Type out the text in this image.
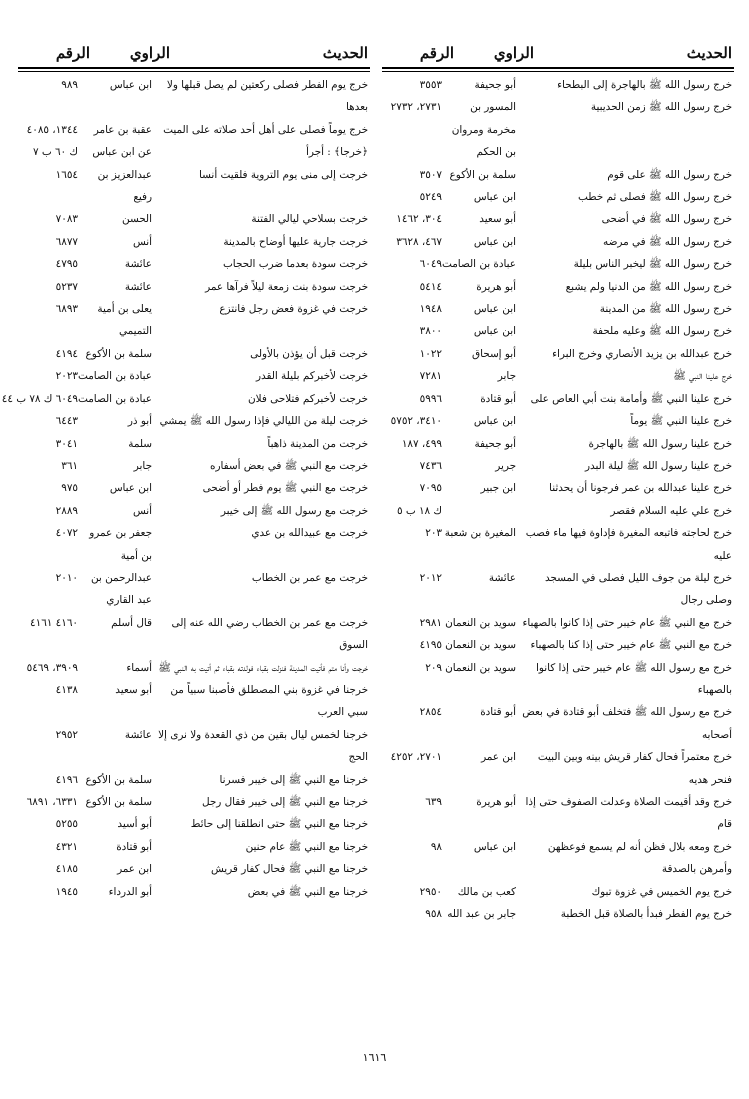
الحديث
الراوي
الرقم
خرج رسول الله ﷺ بالهاجرة إلى البطحاء
أبو جحيفة
٣٥٥٣
خرج رسول الله ﷺ زمن الحديبية
المسور بن مخرمة ومروان بن الحكم
٢٧٣١، ٢٧٣٢
خرج رسول الله ﷺ على قوم
سلمة بن الأكوع
٣٥٠٧
خرج رسول الله ﷺ فصلى ثم خطب
ابن عباس
٥٢٤٩
خرج رسول الله ﷺ في أضحى
أبو سعيد
٣٠٤، ١٤٦٢
خرج رسول الله ﷺ في مرضه
ابن عباس
٤٦٧، ٣٦٢٨
خرج رسول الله ﷺ ليخبر الناس بليلة
عبادة بن الصامت
٦٠٤٩
خرج رسول الله ﷺ من الدنيا ولم يشبع
أبو هريرة
٥٤١٤
خرج رسول الله ﷺ من المدينة
ابن عباس
١٩٤٨
خرج رسول الله ﷺ وعليه ملحفة
ابن عباس
٣٨٠٠
خرج عبدالله بن يزيد الأنصاري وخرج البراء
أبو إسحاق
١٠٢٢
خرج علينا النبي ﷺ
جابر
٧٢٨١
خرج علينا النبي ﷺ وأمامة بنت أبي العاص على
أبو قتادة
٥٩٩٦
خرج علينا النبي ﷺ يوماً
ابن عباس
٣٤١٠، ٥٧٥٢
خرج علينا رسول الله ﷺ بالهاجرة
أبو جحيفة
٤٩٩، ١٨٧
خرج علينا رسول الله ﷺ ليلة البدر
جرير
٧٤٣٦
خرج علينا عبدالله بن عمر فرجونا أن يحدثنا
ابن جبير
٧٠٩٥
خرج علي عليه السلام فقصر
ك ١٨ ب ٥
خرج لحاجته فاتبعه المغيرة فإداوة فيها ماء فصب عليه
المغيرة بن شعبة
٢٠٣
خرج ليلة من جوف الليل فصلى في المسجد وصلى رجال
عائشة
٢٠١٢
خرج مع النبي ﷺ عام خيبر حتى إذا كانوا بالصهباء
سويد بن النعمان
٢٩٨١
خرج مع النبي ﷺ عام خيبر حتى إذا كنا بالصهباء
سويد بن النعمان
٤١٩٥
خرج مع رسول الله ﷺ عام خيبر حتى إذا كانوا بالصهباء
سويد بن النعمان
٢٠٩
خرج مع رسول الله ﷺ فتخلف أبو قتادة في بعض أصحابه
أبو قتادة
٢٨٥٤
خرج معتمراً فحال كفار قريش بينه وبين البيت فنحر هديه
ابن عمر
٢٧٠١، ٤٢٥٢
خرج وقد أقيمت الصلاة وعدلت الصفوف حتى إذا قام
أبو هريرة
٦٣٩
خرج ومعه بلال فظن أنه لم يسمع فوعظهن وأمرهن بالصدقة
ابن عباس
٩٨
خرج يوم الخميس في غزوة تبوك
كعب بن مالك
٢٩٥٠
خرج يوم الفطر فبدأ بالصلاة قبل الخطبة
جابر بن عبد الله
٩٥٨
الحديث
الراوي
الرقم
خرج يوم الفطر فصلى ركعتين لم يصل قبلها ولا بعدها
ابن عباس
٩٨٩
خرج يوماً فصلى على أهل أحد صلاته على الميت
عقبة بن عامر
١٣٤٤، ٤٠٨٥
﴿خرجا﴾ : أجرأ
عن ابن عباس
ك ٦٠ ب ٧
خرجت إلى منى يوم التروية فلقيت أنسا
عبدالعزيز بن رفيع
١٦٥٤
خرجت بسلاحي ليالي الفتنة
الحسن
٧٠٨٣
خرجت جارية عليها أوضاح بالمدينة
أنس
٦٨٧٧
خرجت سودة بعدما ضرب الحجاب
عائشة
٤٧٩٥
خرجت سودة بنت زمعة ليلاً فرآها عمر
عائشة
٥٢٣٧
خرجت في غزوة فعض رجل فانتزع
يعلى بن أمية التميمي
٦٨٩٣
خرجت قبل أن يؤذن بالأولى
سلمة بن الأكوع
٤١٩٤
خرجت لأخبركم بليلة القدر
عبادة بن الصامت
٢٠٢٣
خرجت لأخبركم فتلاحى فلان
عبادة بن الصامت
٦٠٤٩ ك ٧٨ ب ٤٤
خرجت ليلة من الليالي فإذا رسول الله ﷺ يمشي
أبو ذر
٦٤٤٣
خرجت من المدينة ذاهباً
سلمة
٣٠٤١
خرجت مع النبي ﷺ في بعض أسفاره
جابر
٣٦١
خرجت مع النبي ﷺ يوم فطر أو أضحى
ابن عباس
٩٧٥
خرجت مع رسول الله ﷺ إلى خيبر
أنس
٢٨٨٩
خرجت مع عبيدالله بن عدي
جعفر بن عمرو بن أمية
٤٠٧٢
خرجت مع عمر بن الخطاب
عبدالرحمن بن عبد القاري
٢٠١٠
خرجت مع عمر بن الخطاب رضي الله عنه إلى السوق
قال أسلم
٤١٦٠ ٤١٦١
خرجت وأنا متم فأتيت المدينة فنزلت بقباء فولدته بقباء ثم أتيت به النبي ﷺ
أسماء
٣٩٠٩، ٥٤٦٩
خرجنا في غزوة بني المصطلق فأصبنا سبياً من سبي العرب
أبو سعيد
٤١٣٨
خرجنا لخمس ليال بقين من ذي القعدة ولا نرى إلا الحج
عائشة
٢٩٥٢
خرجنا مع النبي ﷺ إلى خيبر فسرنا
سلمة بن الأكوع
٤١٩٦
خرجنا مع النبي ﷺ إلى خيبر فقال رجل
سلمة بن الأكوع
٦٣٣١، ٦٨٩١
خرجنا مع النبي ﷺ حتى انطلقنا إلى حائط
أبو أسيد
٥٢٥٥
خرجنا مع النبي ﷺ عام حنين
أبو قتادة
٤٣٢١
خرجنا مع النبي ﷺ فحال كفار قريش
ابن عمر
٤١٨٥
خرجنا مع النبي ﷺ في بعض
أبو الدرداء
١٩٤٥
١٦١٦
